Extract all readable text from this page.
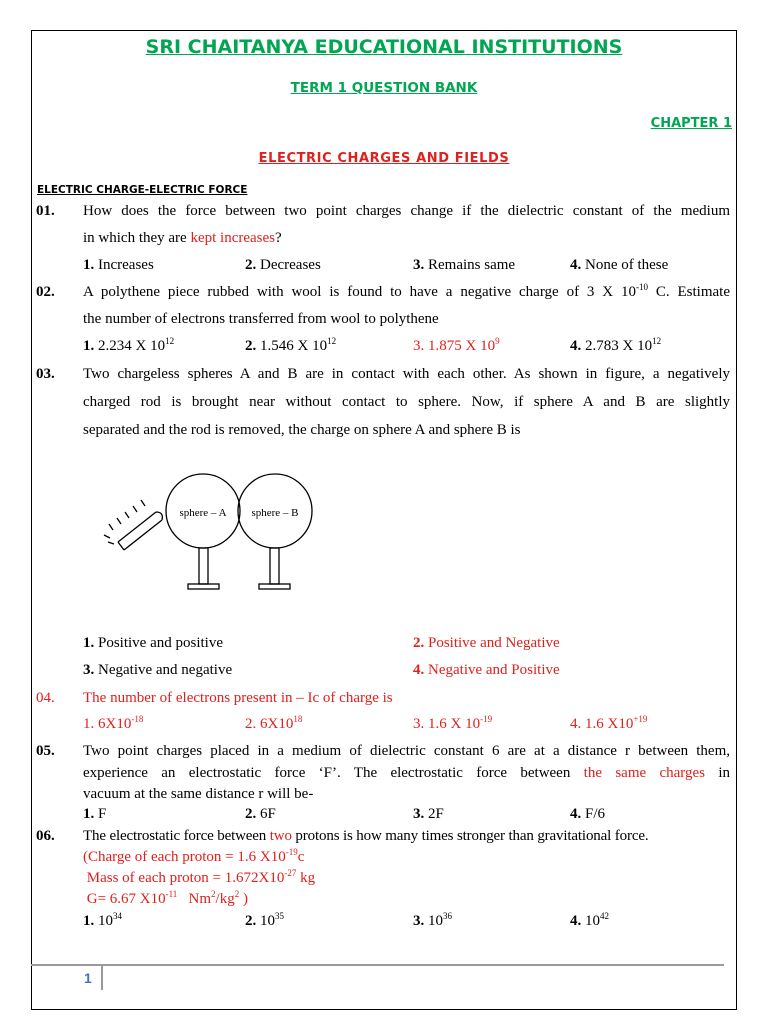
SRI CHAITANYA EDUCATIONAL INSTITUTIONS
TERM 1 QUESTION BANK
CHAPTER 1
ELECTRIC CHARGES AND FIELDS
ELECTRIC CHARGE-ELECTRIC FORCE
01. How does the force between two point charges change if the dielectric constant of the medium
in which they are kept increases?
1. Increases	2. Decreases	3. Remains same	4. None of these
02. A polythene piece rubbed with wool is found to have a negative charge of 3 X $10^{-10}$ C. Estimate
the number of electrons transferred from wool to polythene
1. 2.234 X $10^{12}$	2. 1.546 X $10^{12}$	3. 1.875 X $10^9$	4. 2.783 X $10^{12}$
03. Two chargeless spheres A and B are in contact with each other. As shown in figure, a negatively
charged rod is brought near without contact to sphere. Now, if sphere A and B are slightly
separated and the rod is removed, the charge on sphere A and sphere B is
sphere – A sphere – B
1. Positive and positive	2. Positive and Negative
3. Negative and negative	4. Negative and Positive
04. The number of electrons present in – Ic of charge is
1. $6X10^{-18}$	2. $6X10^{18}$	3. 1.6 X $10^{-19}$	4. 1.6 $X10^{+19}$
05. Two point charges placed in a medium of dielectric constant 6 are at a distance r between them,
experience an electrostatic force ‘F’. The electrostatic force between the same charges in
vacuum at the same distance r will be-
1. F	2. 6F	3. 2F	4. F/6
06. The electrostatic force between two protons is how many times stronger than gravitational force.
(Charge of each proton = 1.6 $X10^{-19}c$
Mass of each proton = $1.672X10^{-27}$ kg
G= 6.67 $X10^{-11}$   $Nm^2/kg^2$ )
1. $10^{34}$	2. $10^{35}$	3. $10^{36}$	4. $10^{42}$
1
